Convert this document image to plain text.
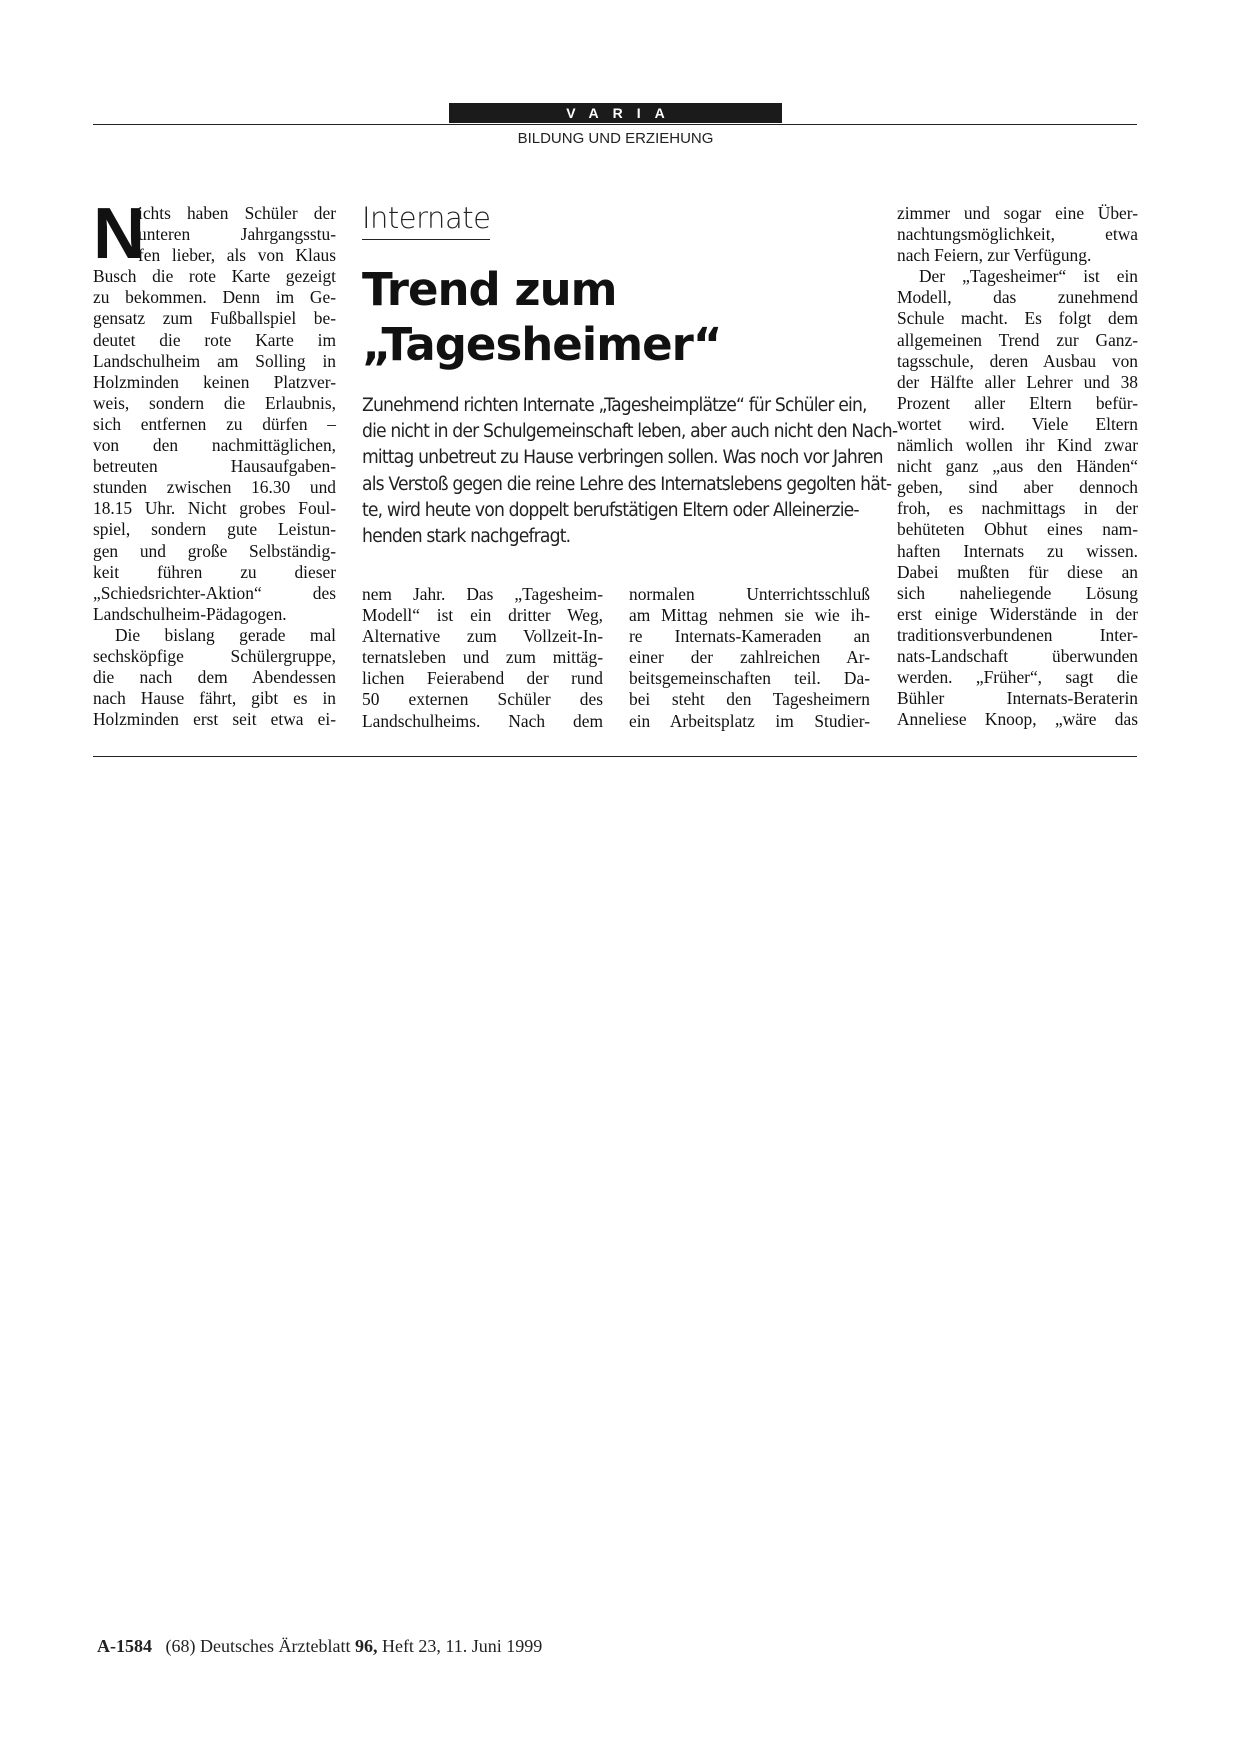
VARIA
BILDUNG UND ERZIEHUNG
N
ichts haben Schüler der
unteren Jahrgangsstu-
fen lieber, als von Klaus
Busch die rote Karte gezeigt
zu bekommen. Denn im Ge-
gensatz zum Fußballspiel be-
deutet die rote Karte im
Landschulheim am Solling in
Holzminden keinen Platzver-
weis, sondern die Erlaubnis,
sich entfernen zu dürfen –
von den nachmittäglichen,
betreuten Hausaufgaben-
stunden zwischen 16.30 und
18.15 Uhr. Nicht grobes Foul-
spiel, sondern gute Leistun-
gen und große Selbständig-
keit führen zu dieser
„Schiedsrichter-Aktion“ des
Landschulheim-Pädagogen.
Die bislang gerade mal
sechsköpfige Schülergruppe,
die nach dem Abendessen
nach Hause fährt, gibt es in
Holzminden erst seit etwa ei-
Internate
Trend zum
„Tagesheimer“
Zunehmend richten Internate „Tagesheimplätze“ für Schüler ein,
die nicht in der Schulgemeinschaft leben, aber auch nicht den Nach-
mittag unbetreut zu Hause verbringen sollen. Was noch vor Jahren
als Verstoß gegen die reine Lehre des Internatslebens gegolten hät-
te, wird heute von doppelt berufstätigen Eltern oder Alleinerzie-
henden stark nachgefragt.
nem Jahr. Das „Tagesheim-
Modell“ ist ein dritter Weg,
Alternative zum Vollzeit-In-
ternatsleben und zum mittäg-
lichen Feierabend der rund
50 externen Schüler des
Landschulheims. Nach dem
normalen Unterrichtsschluß
am Mittag nehmen sie wie ih-
re Internats-Kameraden an
einer der zahlreichen Ar-
beitsgemeinschaften teil. Da-
bei steht den Tagesheimern
ein Arbeitsplatz im Studier-
zimmer und sogar eine Über-
nachtungsmöglichkeit, etwa
nach Feiern, zur Verfügung.
Der „Tagesheimer“ ist ein
Modell, das zunehmend
Schule macht. Es folgt dem
allgemeinen Trend zur Ganz-
tagsschule, deren Ausbau von
der Hälfte aller Lehrer und 38
Prozent aller Eltern befür-
wortet wird. Viele Eltern
nämlich wollen ihr Kind zwar
nicht ganz „aus den Händen“
geben, sind aber dennoch
froh, es nachmittags in der
behüteten Obhut eines nam-
haften Internats zu wissen.
Dabei mußten für diese an
sich naheliegende Lösung
erst einige Widerstände in der
traditionsverbundenen Inter-
nats-Landschaft überwunden
werden. „Früher“, sagt die
Bühler Internats-Beraterin
Anneliese Knoop, „wäre das
A-1584 (68) Deutsches Ärzteblatt 96, Heft 23, 11. Juni 1999
